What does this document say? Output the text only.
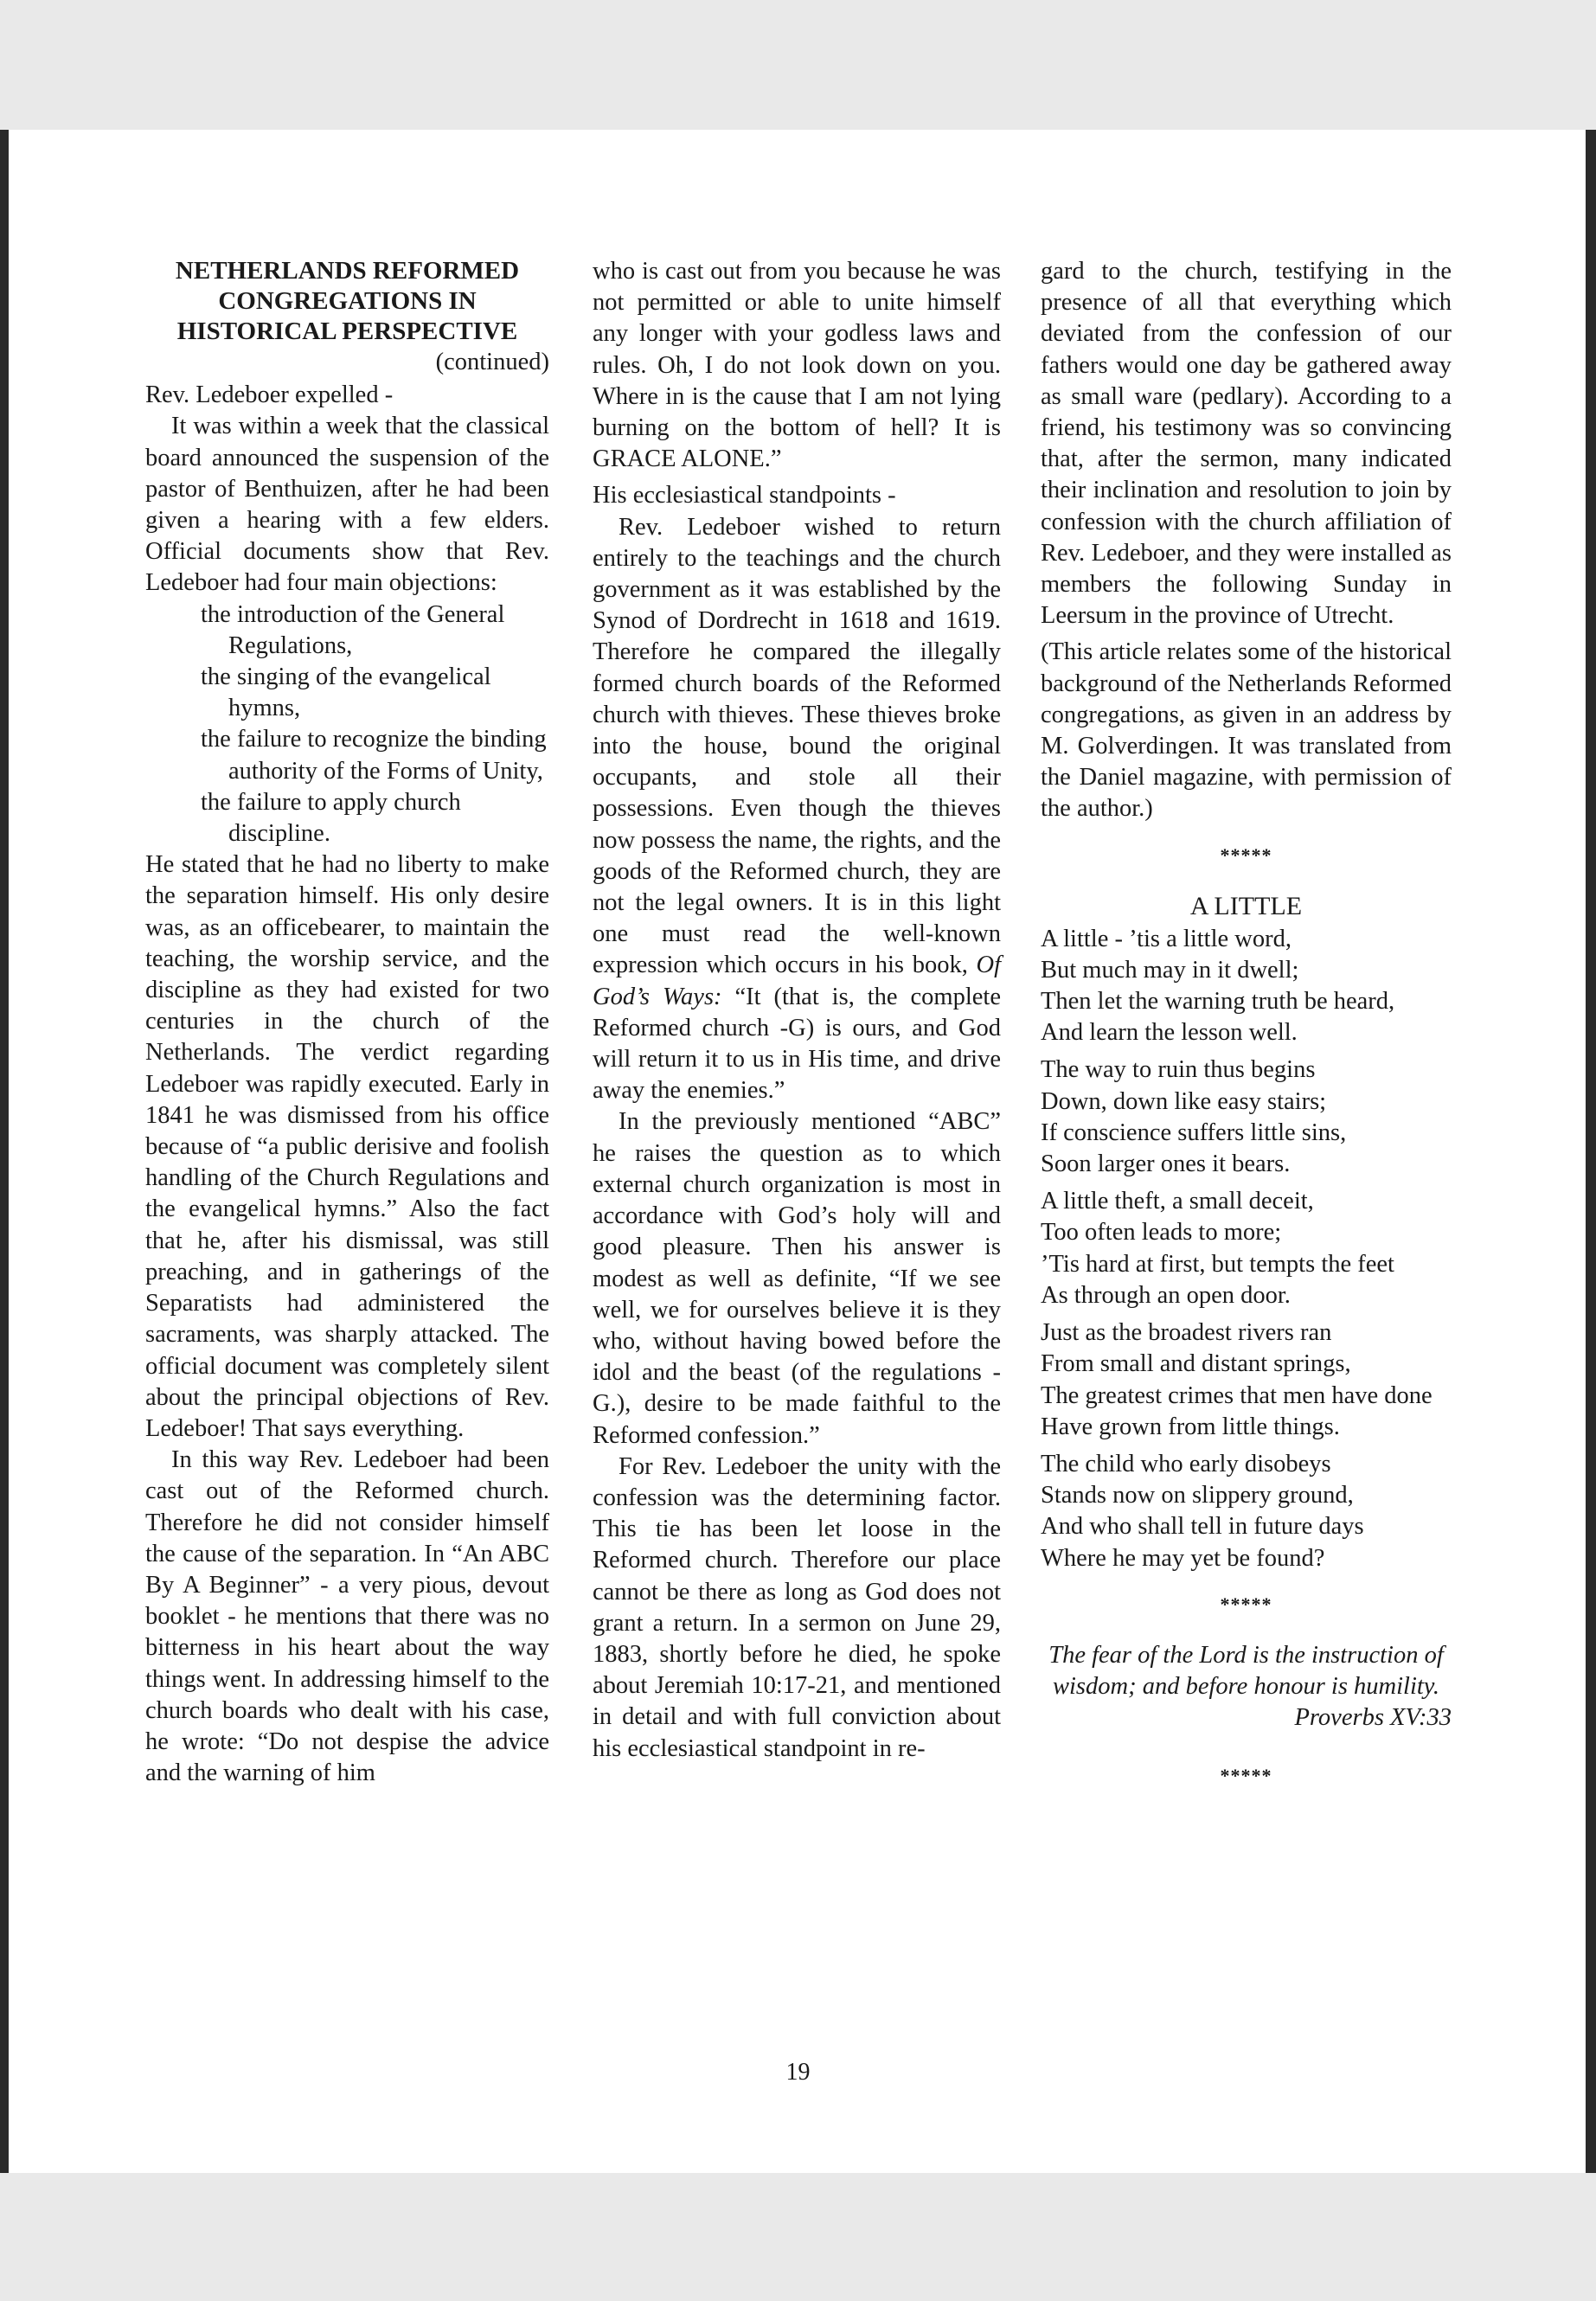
NETHERLANDS REFORMED

CONGREGATIONS IN

HISTORICAL PERSPECTIVE

(continued)

Rev. Ledeboer expelled -

It was within a week that the classical board announced the suspension of the pastor of Benthuizen, after he had been given a hearing with a few elders. Official documents show that Rev. Ledeboer had four main objections:

the introduction of the General Regulations,

the singing of the evangelical hymns,

the failure to recognize the binding authority of the Forms of Unity,

the failure to apply church discipline.

He stated that he had no liberty to make the separation himself. His only desire was, as an officebearer, to maintain the teaching, the worship service, and the discipline as they had existed for two centuries in the church of the Netherlands. The verdict regarding Ledeboer was rapidly executed. Early in 1841 he was dismissed from his office because of “a public derisive and foolish handling of the Church Regulations and the evangelical hymns.” Also the fact that he, after his dismissal, was still preaching, and in gatherings of the Separatists had administered the sacraments, was sharply attacked. The official document was completely silent about the principal objections of Rev. Ledeboer! That says everything.

In this way Rev. Ledeboer had been cast out of the Reformed church. Therefore he did not consider himself the cause of the separation. In “An ABC By A Beginner” - a very pious, devout booklet - he mentions that there was no bitterness in his heart about the way things went. In addressing himself to the church boards who dealt with his case, he wrote: “Do not despise the advice and the warning of him

who is cast out from you because he was not permitted or able to unite himself any longer with your godless laws and rules. Oh, I do not look down on you. Where in is the cause that I am not lying burning on the bottom of hell? It is GRACE ALONE.”

His ecclesiastical standpoints -

Rev. Ledeboer wished to return entirely to the teachings and the church government as it was established by the Synod of Dordrecht in 1618 and 1619. Therefore he compared the illegally formed church boards of the Reformed church with thieves. These thieves broke into the house, bound the original occupants, and stole all their possessions. Even though the thieves now possess the name, the rights, and the goods of the Reformed church, they are not the legal owners. It is in this light one must read the well-known expression which occurs in his book, Of God’s Ways: “It (that is, the complete Reformed church -G) is ours, and God will return it to us in His time, and drive away the enemies.”

In the previously mentioned “ABC” he raises the question as to which external church organization is most in accordance with God’s holy will and good pleasure. Then his answer is modest as well as definite, “If we see well, we for ourselves believe it is they who, without having bowed before the idol and the beast (of the regulations - G.), desire to be made faithful to the Reformed confession.”

For Rev. Ledeboer the unity with the confession was the determining factor. This tie has been let loose in the Reformed church. Therefore our place cannot be there as long as God does not grant a return. In a sermon on June 29, 1883, shortly before he died, he spoke about Jeremiah 10:17-21, and mentioned in detail and with full conviction about his ecclesiastical standpoint in re-

gard to the church, testifying in the presence of all that everything which deviated from the confession of our fathers would one day be gathered away as small ware (pedlary). According to a friend, his testimony was so convincing that, after the sermon, many indicated their inclination and resolution to join by confession with the church affiliation of Rev. Ledeboer, and they were installed as members the following Sunday in Leersum in the province of Utrecht.

(This article relates some of the historical background of the Netherlands Reformed congregations, as given in an address by M. Golverdingen. It was translated from the Daniel magazine, with permission of the author.)

*****

A LITTLE

A little - ’tis a little word,
But much may in it dwell;
Then let the warning truth be heard,
And learn the lesson well.
The way to ruin thus begins
Down, down like easy stairs;
If conscience suffers little sins,
Soon larger ones it bears.
A little theft, a small deceit,
Too often leads to more;
’Tis hard at first, but tempts the feet
As through an open door.
Just as the broadest rivers ran
From small and distant springs,
The greatest crimes that men have done
Have grown from little things.
The child who early disobeys
Stands now on slippery ground,
And who shall tell in future days
Where he may yet be found?
*****

The fear of the Lord is the instruction of wisdom; and before honour is humility.

Proverbs XV:33

*****
19
